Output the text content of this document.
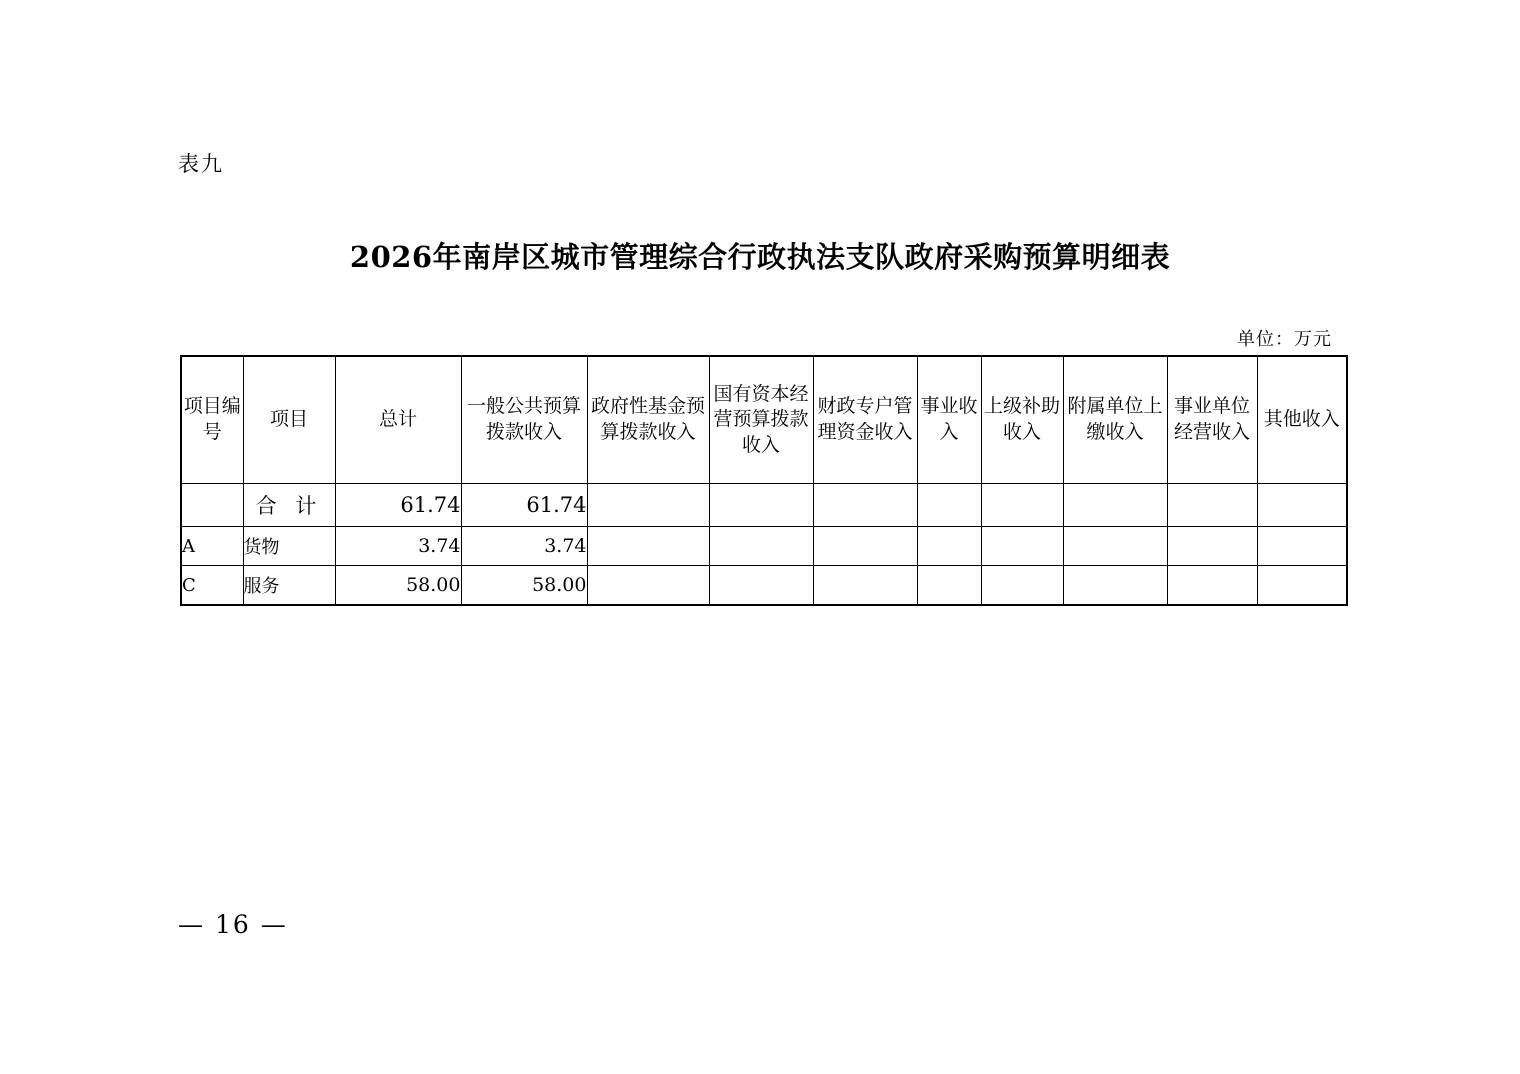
表九
2026年南岸区城市管理综合行政执法支队政府采购预算明细表
单位：万元
项目编号	项目	总计	一般公共预算拨款收入	政府性基金预算拨款收入	国有资本经营预算拨款收入	财政专户管理资金收入	事业收入	上级补助收入	附属单位上缴收入	事业单位经营收入	其他收入
	合 计	61.74	61.74								
A	货物	3.74	3.74								
C	服务	58.00	58.00								
— 16 —
